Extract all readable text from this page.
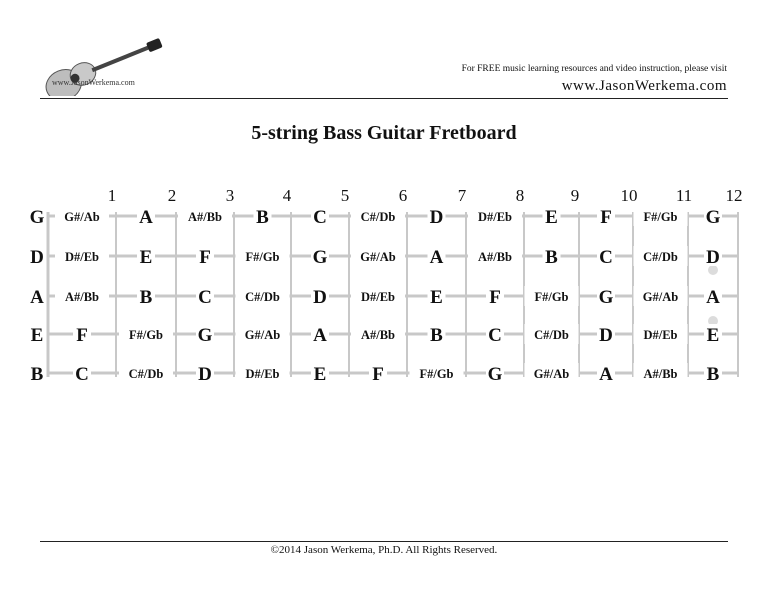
www.JasonWerkema.com
For FREE music learning resources and video instruction, please visit
www.JasonWerkema.com
5-string Bass Guitar Fretboard
1	2	3	4	5	6	7	8	9 10 11 12
G G#/Ab A	A#/Bb B C	C#/Db D	D#/Eb E F	F#/Gb G
D D#/Eb E F	F#/Gb G	G#/Ab A	A#/Bb B C C#/Db D
A A#/Bb B C	C#/Db D	D#/Eb E F	F#/Gb G G#/Ab A
E F	F#/Gb G	G#/Ab A	A#/Bb B C	C#/Db D D#/Eb E
B C	C#/Db D	D#/Eb E F	F#/Gb G	G#/Ab A A#/Bb B
©2014 Jason Werkema, Ph.D. All Rights Reserved.
